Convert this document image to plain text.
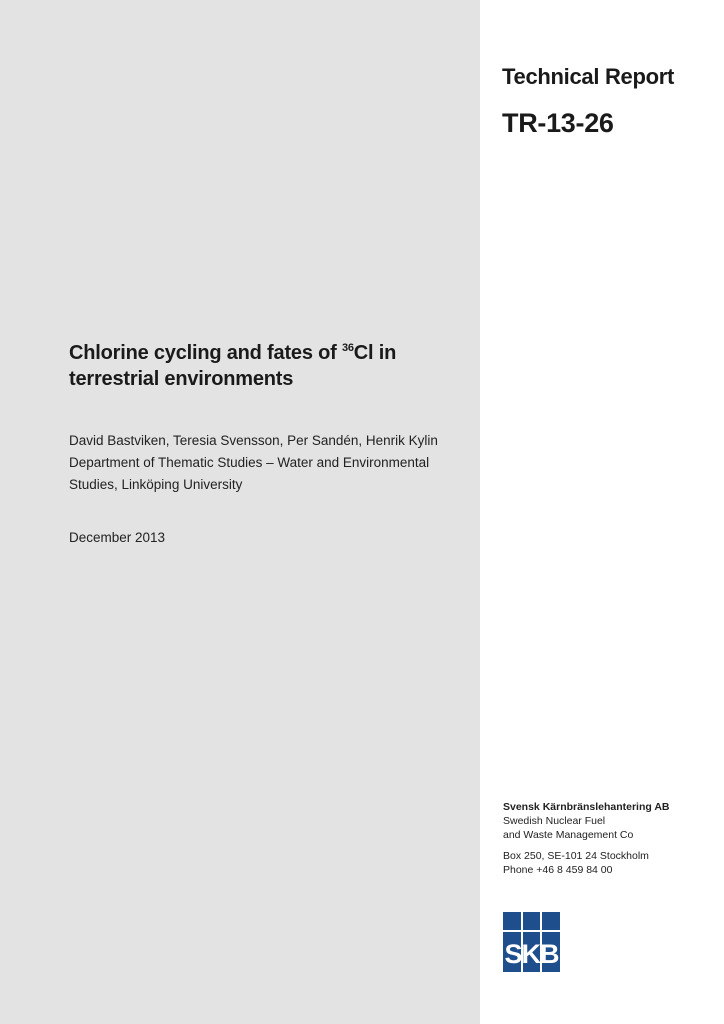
Technical Report
TR-13-26
Chlorine cycling and fates of $^{36}$Cl in
terrestrial environments
David Bastviken, Teresia Svensson, Per Sandén, Henrik Kylin
Department of Thematic Studies – Water and Environmental Studies, Linköping University
December 2013
Svensk Kärnbränslehantering AB
Swedish Nuclear Fuel
and Waste Management Co
Box 250, SE-101 24 Stockholm
Phone +46 8 459 84 00
SKB
